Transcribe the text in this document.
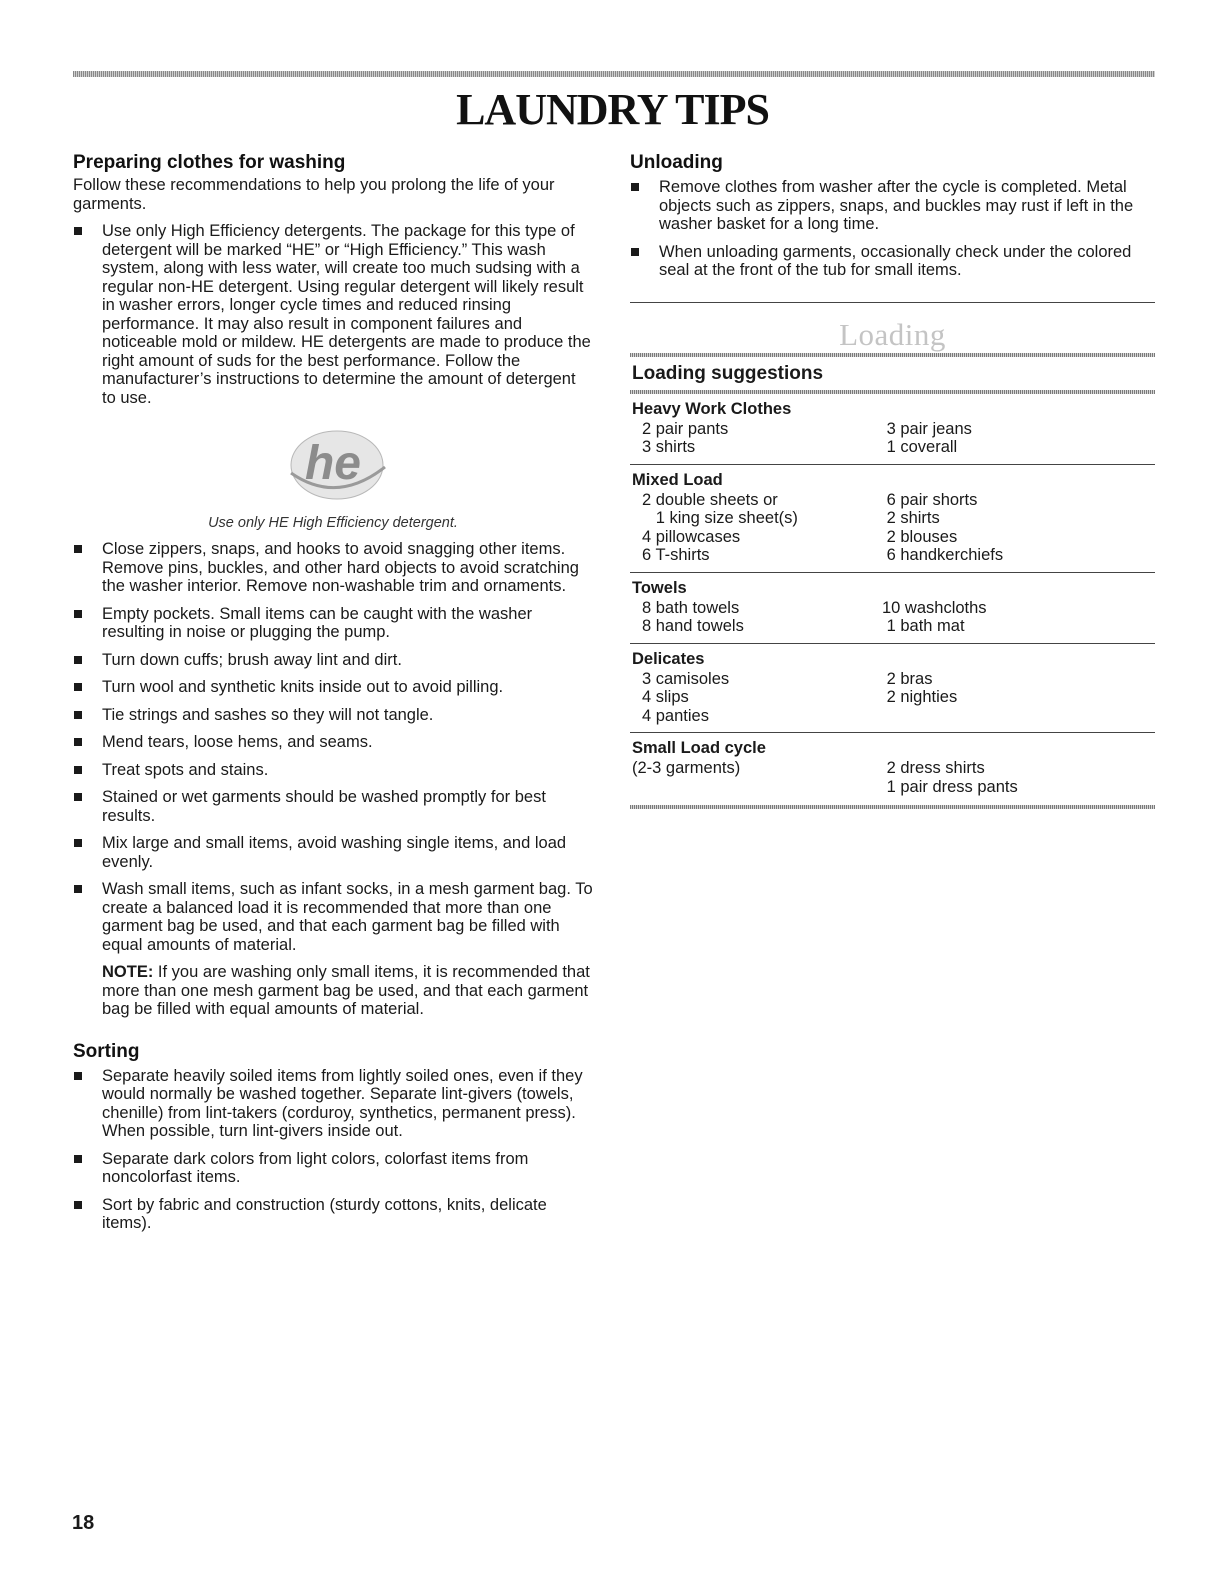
LAUNDRY TIPS
Preparing clothes for washing

Follow these recommendations to help you prolong the life of your garments.

Use only High Efficiency detergents. The package for this type of detergent will be marked “HE” or “High Efficiency.” This wash system, along with less water, will create too much sudsing with a regular non-HE detergent. Using regular detergent will likely result in washer errors, longer cycle times and reduced rinsing performance. It may also result in component failures and noticeable mold or mildew. HE detergents are made to produce the right amount of suds for the best performance. Follow the manufacturer’s instructions to determine the amount of detergent to use.
he
Use only HE High Efficiency detergent.
Close zippers, snaps, and hooks to avoid snagging other items. Remove pins, buckles, and other hard objects to avoid scratching the washer interior. Remove non-washable trim and ornaments.
Empty pockets. Small items can be caught with the washer resulting in noise or plugging the pump.
Turn down cuffs; brush away lint and dirt.
Turn wool and synthetic knits inside out to avoid pilling.
Tie strings and sashes so they will not tangle.
Mend tears, loose hems, and seams.
Treat spots and stains.
Stained or wet garments should be washed promptly for best results.
Mix large and small items, avoid washing single items, and load evenly.
Wash small items, such as infant socks, in a mesh garment bag. To create a balanced load it is recommended that more than one garment bag be used, and that each garment bag be filled with equal amounts of material.
NOTE: If you are washing only small items, it is recommended that more than one mesh garment bag be used, and that each garment bag be filled with equal amounts of material.
Sorting
Separate heavily soiled items from lightly soiled ones, even if they would normally be washed together. Separate lint-givers (towels, chenille) from lint-takers (corduroy, synthetics, permanent press). When possible, turn lint-givers inside out.
Separate dark colors from light colors, colorfast items from noncolorfast items.
Sort by fabric and construction (sturdy cottons, knits, delicate items).
Unloading
Remove clothes from washer after the cycle is completed. Metal objects such as zippers, snaps, and buckles may rust if left in the washer basket for a long time.
When unloading garments, occasionally check under the colored seal at the front of the tub for small items.
Loading
Loading suggestions
Heavy Work Clothes
2 pair pants
3 shirts
3 pair jeans
1 coverall
Mixed Load
2 double sheets or
1 king size sheet(s)
4 pillowcases
6 T-shirts
6 pair shorts
2 shirts
2 blouses
6 handkerchiefs
Towels
8 bath towels
8 hand towels
10 washcloths
1 bath mat
Delicates
3 camisoles
4 slips
4 panties
2 bras
2 nighties
Small Load cycle
(2-3 garments)	2 dress shirts
1 pair dress pants
18
